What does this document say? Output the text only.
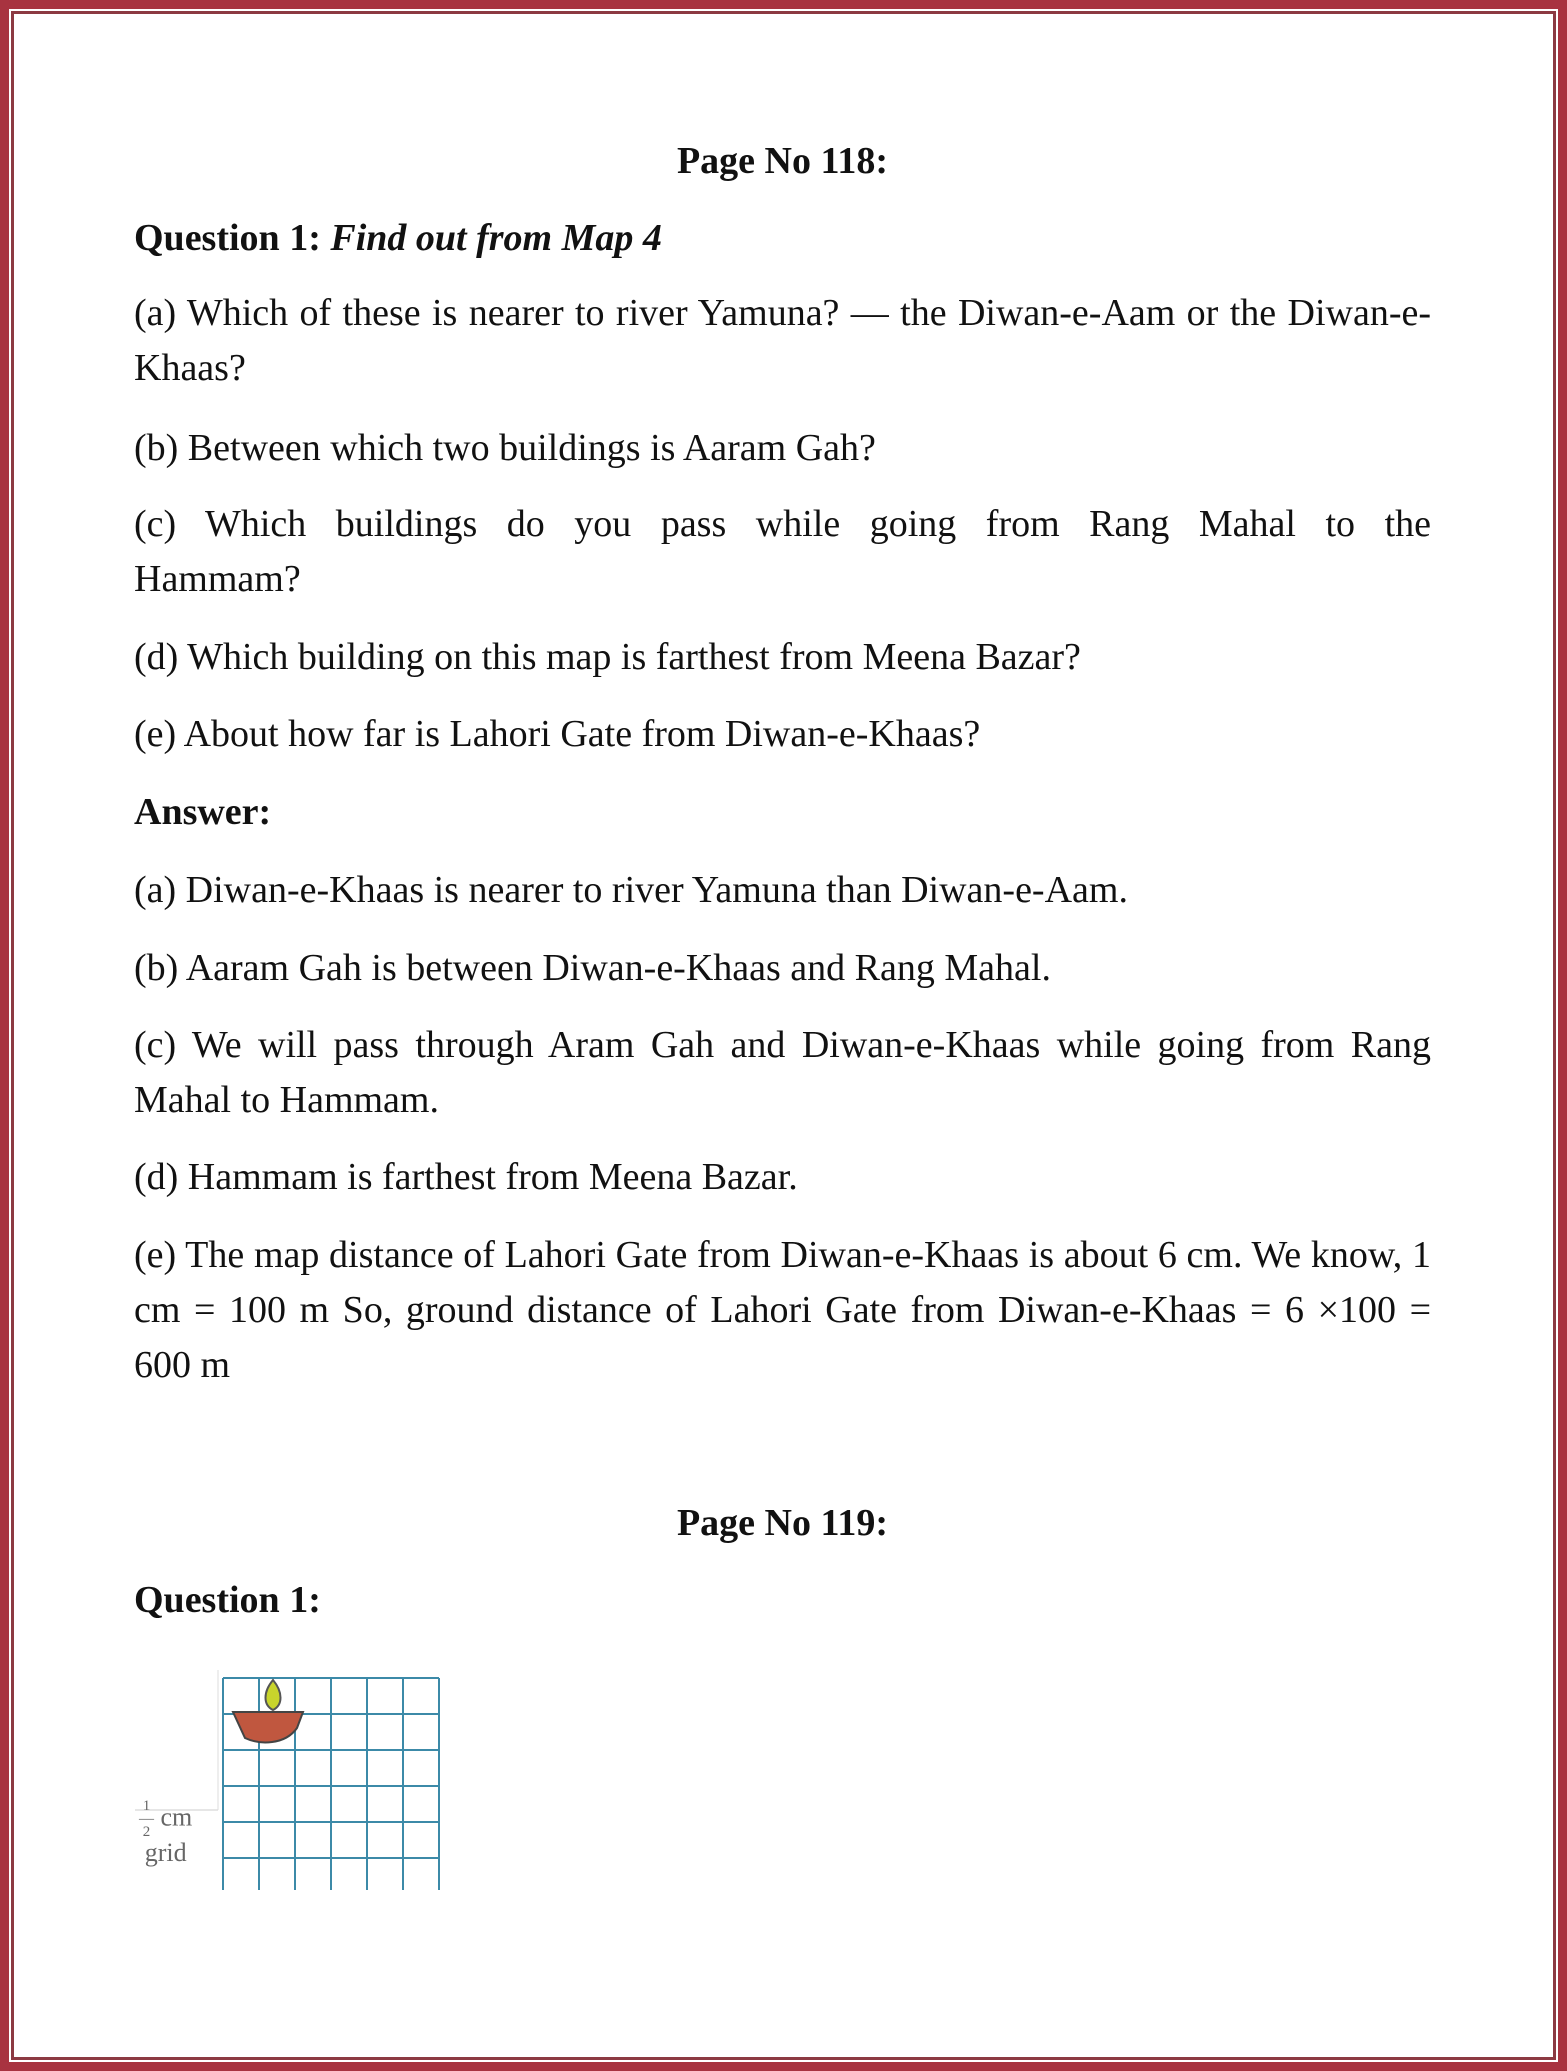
Page No 118:
Question 1: Find out from Map 4
(a) Which of these is nearer to river Yamuna? — the Diwan-e-Aam or the Diwan-e-Khaas?
(b) Between which two buildings is Aaram Gah?
(c) Which buildings do you pass while going from Rang Mahal to the Hammam?
(d) Which building on this map is farthest from Meena Bazar?
(e) About how far is Lahori Gate from Diwan-e-Khaas?
Answer:
(a) Diwan-e-Khaas is nearer to river Yamuna than Diwan-e-Aam.
(b) Aaram Gah is between Diwan-e-Khaas and Rang Mahal.
(c) We will pass through Aram Gah and Diwan-e-Khaas while going from Rang Mahal to Hammam.
(d) Hammam is farthest from Meena Bazar.
(e) The map distance of Lahori Gate from Diwan-e-Khaas is about 6 cm. We know, 1 cm = 100 m So, ground distance of Lahori Gate from Diwan-e-Khaas = 6 ×100 = 600 m
Page No 119:
Question 1:
1
―
2 cm
grid
